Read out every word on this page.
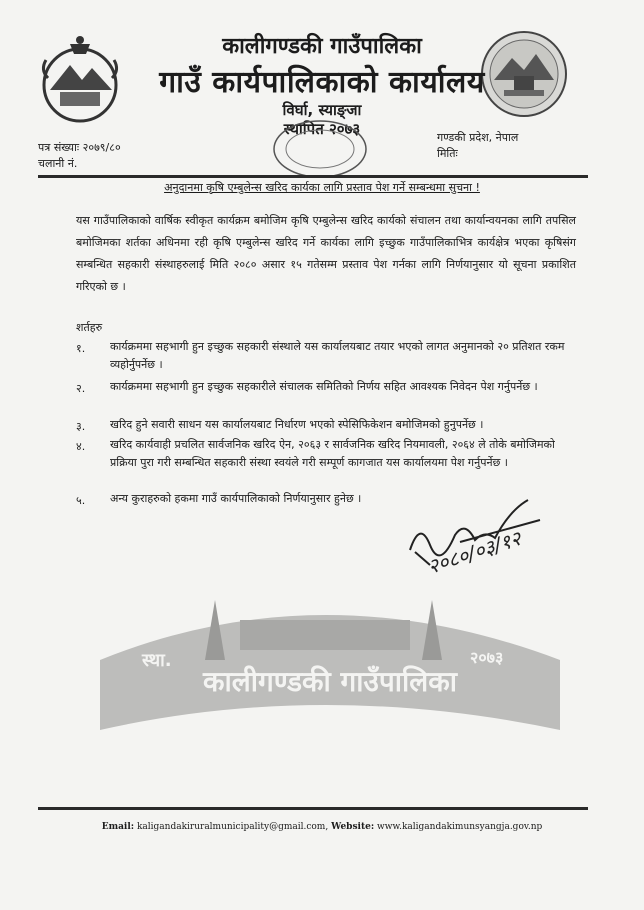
कालीगण्डकी गाउँपालिका
गाउँ कार्यपालिकाको कार्यालय
विर्घा, स्याङ्जा
स्थापित २०७३
पत्र संख्याः २०७९/८०
चलानी नं.
गण्डकी प्रदेश, नेपाल
मितिः
अनुदानमा कृषि एम्बुलेन्स खरिद कार्यका लागि प्रस्ताव पेश गर्ने सम्बन्धमा सुचना !
यस गाउँपालिकाको वार्षिक स्वीकृत कार्यक्रम बमोजिम कृषि एम्बुलेन्स खरिद कार्यको संचालन तथा कार्यान्वयनका लागि तपसिल बमोजिमका शर्तका अधिनमा रही कृषि एम्बुलेन्स खरिद गर्ने कार्यका लागि इच्छुक गाउँपालिकाभित्र कार्यक्षेत्र भएका कृषिसंग सम्बन्धित सहकारी संस्थाहरुलाई मिति २०८० असार १५ गतेसम्म प्रस्ताव पेश गर्नका लागि निर्णयानुसार यो सूचना प्रकाशित गरिएको छ ।
शर्तहरु
१. कार्यक्रममा सहभागी हुन इच्छुक सहकारी संस्थाले यस कार्यालयबाट तयार भएको लागत अनुमानको २० प्रतिशत रकम व्यहोर्नुपर्नेछ ।
२. कार्यक्रममा सहभागी हुन इच्छुक सहकारीले संचालक समितिको निर्णय सहित आवश्यक निवेदन पेश गर्नुपर्नेछ ।
३. खरिद हुने सवारी साधन यस कार्यालयबाट निर्धारण भएको स्पेसिफिकेशन बमोजिमको हुनुपर्नेछ ।
४. खरिद कार्यवाही प्रचलित सार्वजनिक खरिद ऐन, २०६३ र सार्वजनिक खरिद नियमावली, २०६४ ले तोके बमोजिमको प्रक्रिया पुरा गरी सम्बन्धित सहकारी संस्था स्वयंले गरी सम्पूर्ण कागजात यस कार्यालयमा पेश गर्नुपर्नेछ ।
५. अन्य कुराहरुको हकमा गाउँ कार्यपालिकाको निर्णयानुसार हुनेछ ।
२०८०/०३/१२
स्था.
कालीगण्डकी गाउँपालिका
२०७३
स्याङ्जा
Email: kaligandakiruralmunicipality@gmail.com, Website: www.kaligandakimunsyangja.gov.np
